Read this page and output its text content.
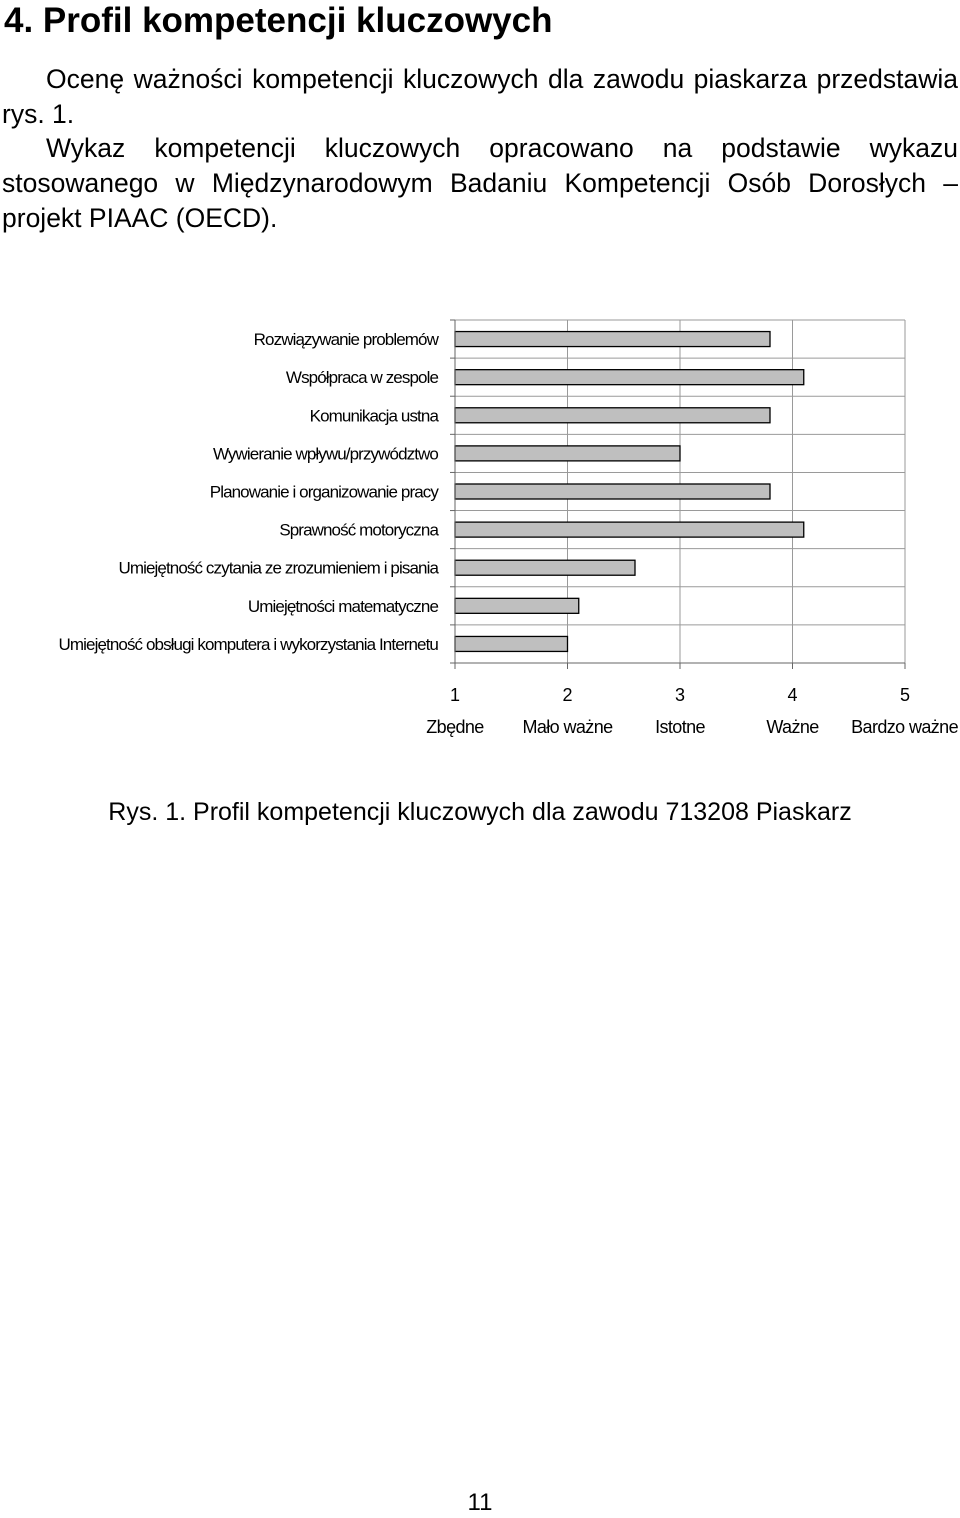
4. Profil kompetencji kluczowych

Ocenę ważności kompetencji kluczowych dla zawodu piaskarza przedstawia rys. 1.

Wykaz kompetencji kluczowych opracowano na podstawie wykazu stosowanego w Międzynarodowym Badaniu Kompetencji Osób Dorosłych – projekt PIAAC (OECD).

Rozwiązywanie problemów
Współpraca w zespole
Komunikacja ustna
Wywieranie wpływu/przywództwo
Planowanie i organizowanie pracy
Sprawność motoryczna
Umiejętność czytania ze zrozumieniem i pisania
Umiejętności matematyczne
Umiejętność obsługi komputera i wykorzystania Internetu
1
Zbędne
2
Mało ważne
3
Istotne
4
Ważne
5
Bardzo ważne
Rys. 1. Profil kompetencji kluczowych dla zawodu 713208 Piaskarz
11
